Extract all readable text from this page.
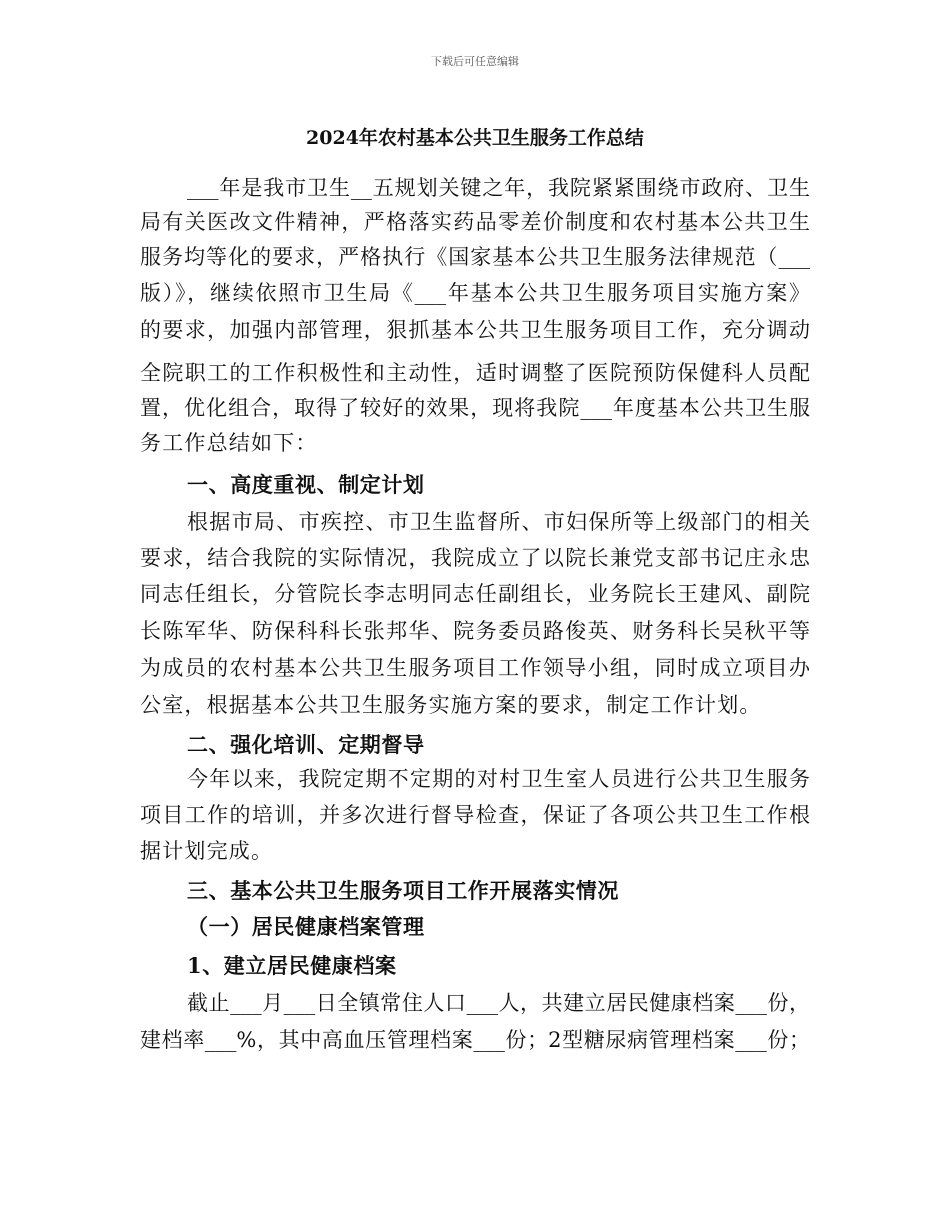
下载后可任意编辑
2024年农村基本公共卫生服务工作总结
___年是我市卫生__五规划关键之年，我院紧紧围绕市政府、卫生
局有关医改文件精神，严格落实药品零差价制度和农村基本公共卫生
服务均等化的要求，严格执行《国家基本公共卫生服务法律规范（___
版）》，继续依照市卫生局《___年基本公共卫生服务项目实施方案》
的要求，加强内部管理，狠抓基本公共卫生服务项目工作，充分调动
全院职工的工作积极性和主动性，适时调整了医院预防保健科人员配
置，优化组合，取得了较好的效果，现将我院___年度基本公共卫生服
务工作总结如下：
一、高度重视、制定计划
根据市局、市疾控、市卫生监督所、市妇保所等上级部门的相关
要求，结合我院的实际情况，我院成立了以院长兼党支部书记庄永忠
同志任组长，分管院长李志明同志任副组长，业务院长王建风、副院
长陈军华、防保科科长张邦华、院务委员路俊英、财务科长吴秋平等
为成员的农村基本公共卫生服务项目工作领导小组，同时成立项目办
公室，根据基本公共卫生服务实施方案的要求，制定工作计划。
二、强化培训、定期督导
今年以来，我院定期不定期的对村卫生室人员进行公共卫生服务
项目工作的培训，并多次进行督导检查，保证了各项公共卫生工作根
据计划完成。
三、基本公共卫生服务项目工作开展落实情况
（一）居民健康档案管理
1、建立居民健康档案
截止___月___日全镇常住人口___人，共建立居民健康档案___份，
建档率___%，其中高血压管理档案___份；2型糖尿病管理档案___份；
